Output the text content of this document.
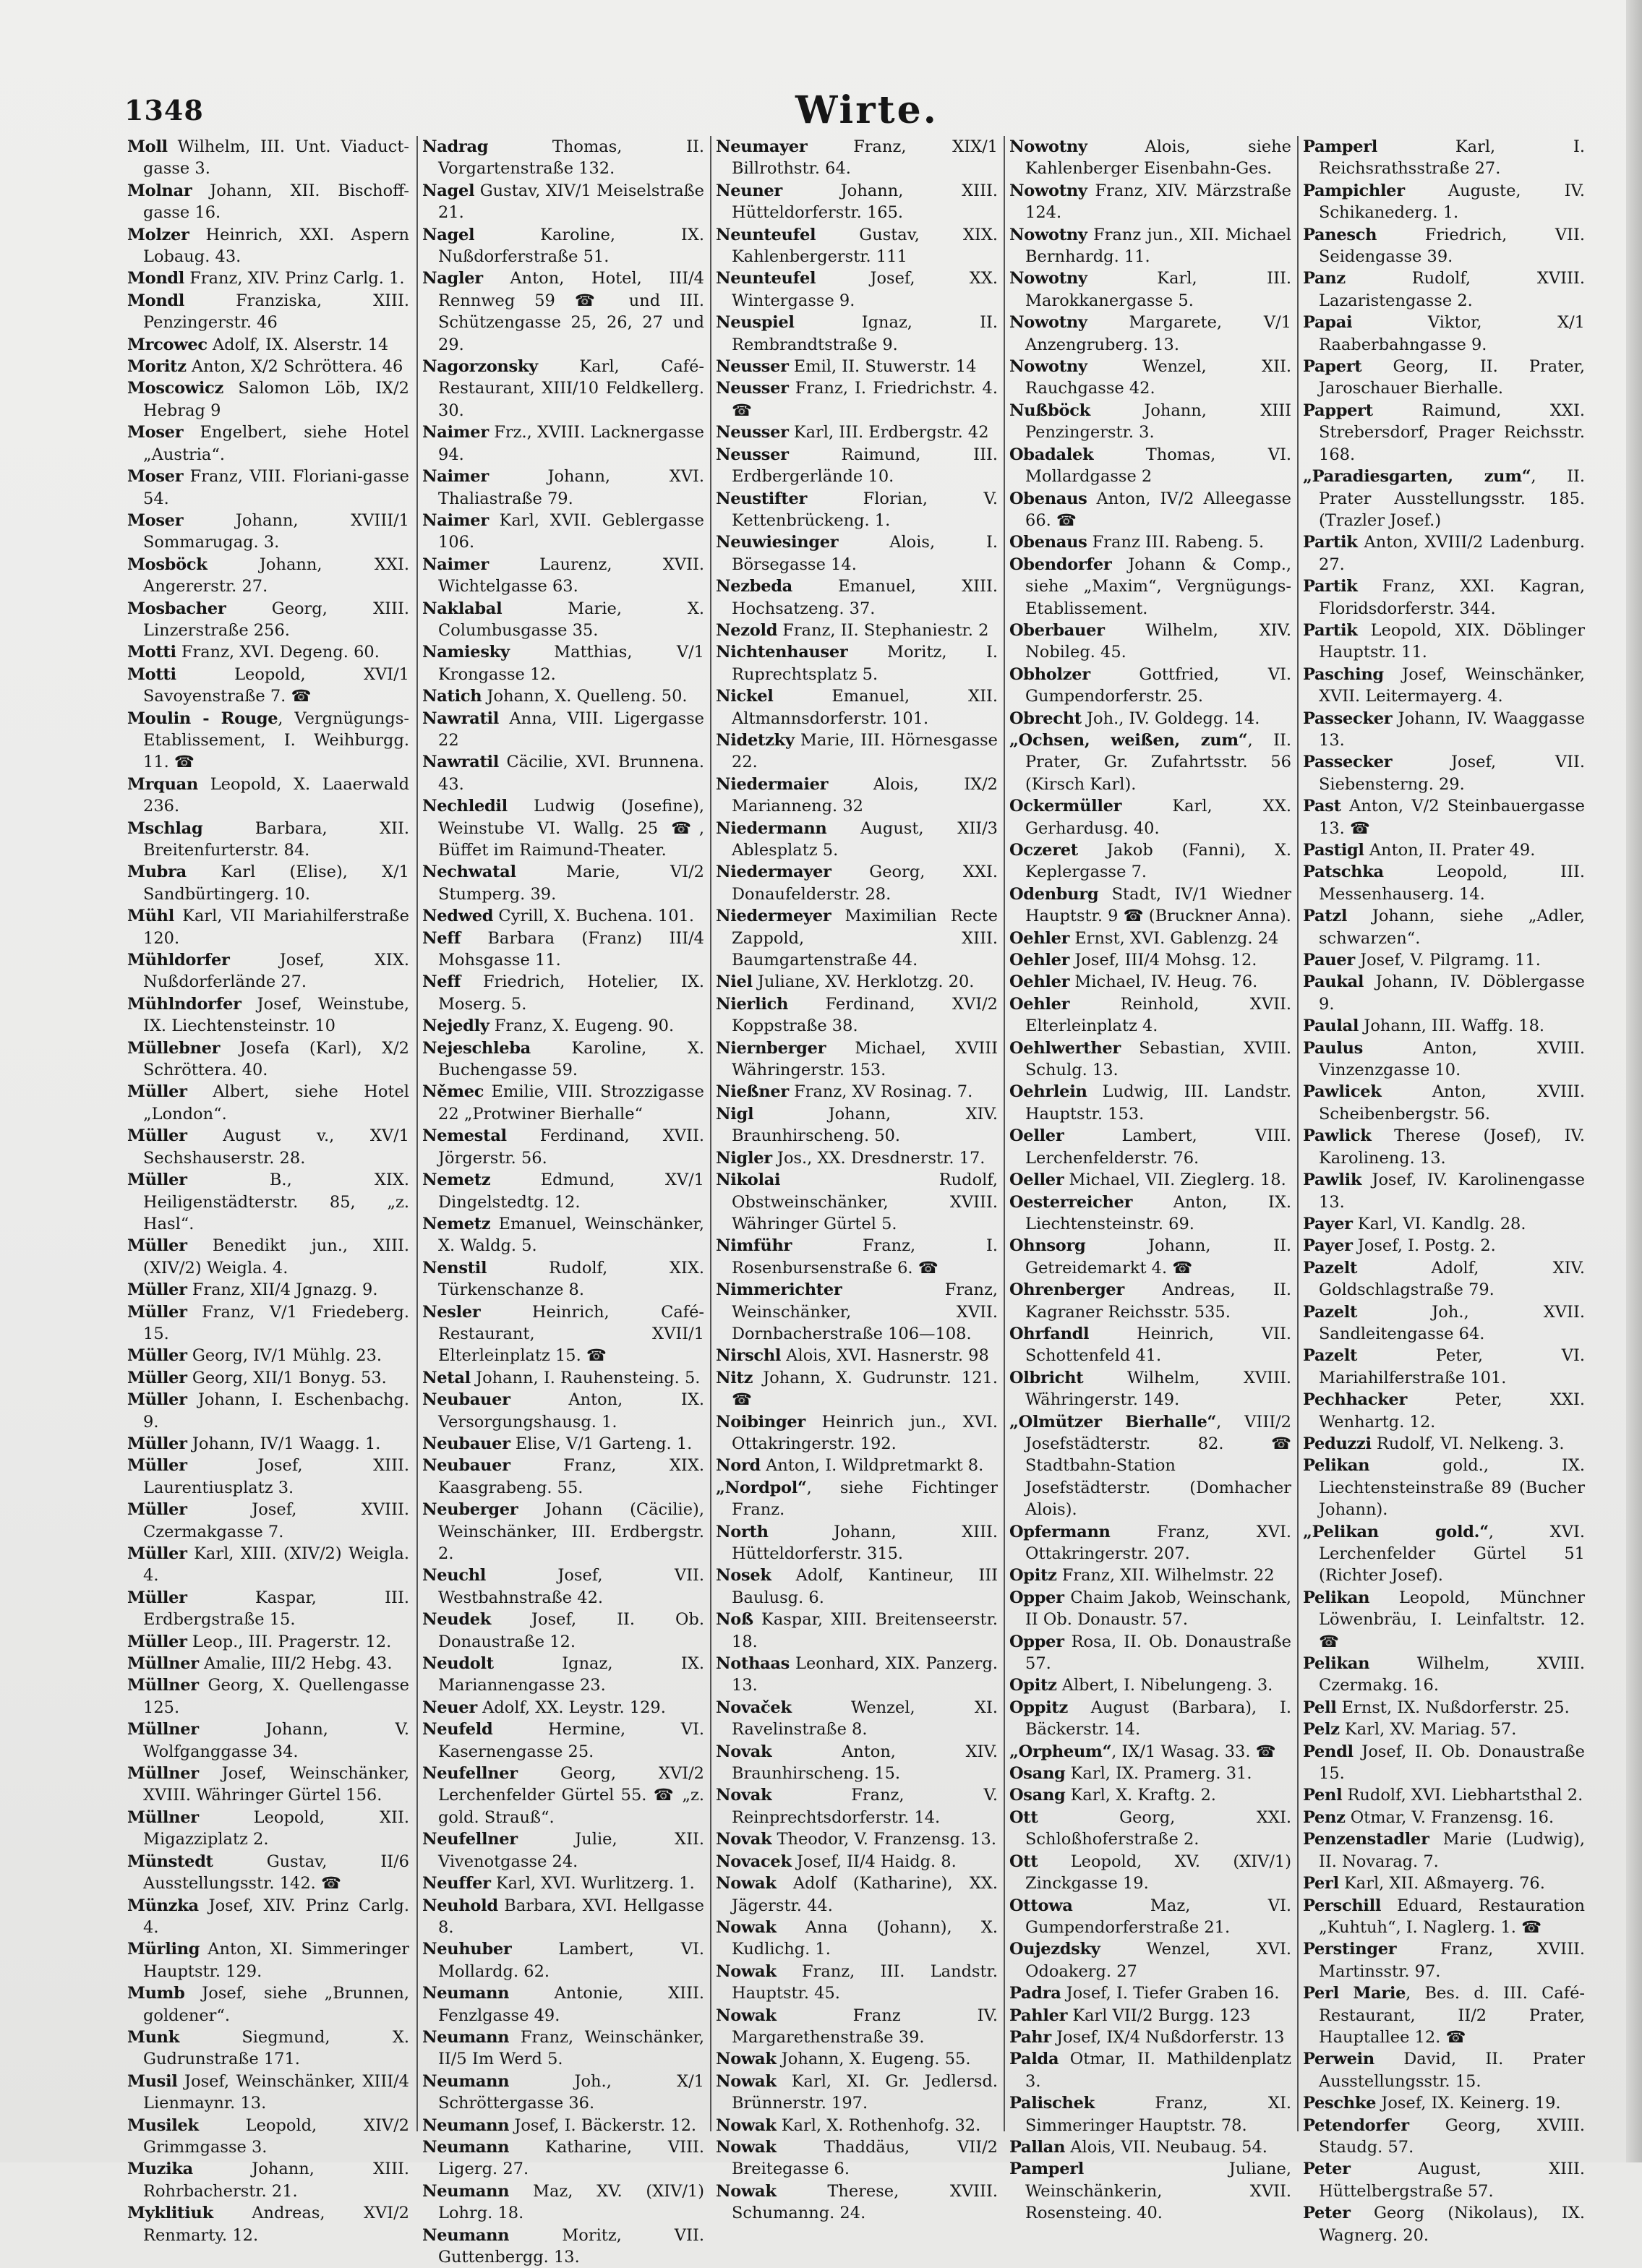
1348	Wirte.
Moll Wilhelm, III. Unt. Viaduct-gasse 3.
Molnar Johann, XII. Bischoff-gasse 16.
Molzer Heinrich, XXI. Aspern Lobaug. 43.
Mondl Franz, XIV. Prinz Carlg. 1.
Mondl Franziska, XIII. Penzingerstr. 46
Mrcowec Adolf, IX. Alserstr. 14
Moritz Anton, X/2 Schröttera. 46
Moscowicz Salomon Löb, IX/2 Hebrag 9
Moser Engelbert, siehe Hotel „Austria“.
Moser Franz, VIII. Floriani-gasse 54.
Moser Johann, XVIII/1 Sommarugag. 3.
Mosböck Johann, XXI. Angererstr. 27.
Mosbacher Georg, XIII. Linzerstraße 256.
Motti Franz, XVI. Degeng. 60.
Motti Leopold, XVI/1 Savoyenstraße 7. ☎
Moulin - Rouge, Vergnügungs-Etablissement, I. Weihburgg. 11. ☎
Mrquan Leopold, X. Laaerwald 236.
Mschlag Barbara, XII. Breitenfurterstr. 84.
Mubra Karl (Elise), X/1 Sandbürtingerg. 10.
Mühl Karl, VII Mariahilferstraße 120.
Mühldorfer Josef, XIX. Nußdorferlände 27.
Mühlndorfer Josef, Weinstube, IX. Liechtensteinstr. 10
Müllebner Josefa (Karl), X/2 Schröttera. 40.
Müller Albert, siehe Hotel „London“.
Müller August v., XV/1 Sechshauserstr. 28.
Müller B., XIX. Heiligenstädterstr. 85, „z. Hasl“.
Müller Benedikt jun., XIII. (XIV/2) Weigla. 4.
Müller Franz, XII/4 Jgnazg. 9.
Müller Franz, V/1 Friedeberg. 15.
Müller Georg, IV/1 Mühlg. 23.
Müller Georg, XII/1 Bonyg. 53.
Müller Johann, I. Eschenbachg. 9.
Müller Johann, IV/1 Waagg. 1.
Müller Josef, XIII. Laurentiusplatz 3.
Müller Josef, XVIII. Czermakgasse 7.
Müller Karl, XIII. (XIV/2) Weigla. 4.
Müller Kaspar, III. Erdbergstraße 15.
Müller Leop., III. Pragerstr. 12.
Müllner Amalie, III/2 Hebg. 43.
Müllner Georg, X. Quellengasse 125.
Müllner Johann, V. Wolfganggasse 34.
Müllner Josef, Weinschänker, XVIII. Währinger Gürtel 156.
Müllner Leopold, XII. Migazziplatz 2.
Münstedt Gustav, II/6 Ausstellungsstr. 142. ☎
Münzka Josef, XIV. Prinz Carlg. 4.
Mürling Anton, XI. Simmeringer Hauptstr. 129.
Mumb Josef, siehe „Brunnen, goldener“.
Munk Siegmund, X. Gudrunstraße 171.
Musil Josef, Weinschänker, XIII/4 Lienmaynr. 13.
Musilek Leopold, XIV/2 Grimmgasse 3.
Muzika Johann, XIII. Rohrbacherstr. 21.
Myklitiuk Andreas, XVI/2 Renmarty. 12.
Nadrag Thomas, II. Vorgartenstraße 132.
Nagel Gustav, XIV/1 Meiselstraße 21.
Nagel Karoline, IX. Nußdorferstraße 51.
Nagler Anton, Hotel, III/4 Rennweg 59 ☎ und III. Schützengasse 25, 26, 27 und 29.
Nagorzonsky Karl, Café-Restaurant, XIII/10 Feldkellerg. 30.
Naimer Frz., XVIII. Lacknergasse 94.
Naimer Johann, XVI. Thaliastraße 79.
Naimer Karl, XVII. Geblergasse 106.
Naimer Laurenz, XVII. Wichtelgasse 63.
Naklabal Marie, X. Columbusgasse 35.
Namiesky Matthias, V/1 Krongasse 12.
Natich Johann, X. Quelleng. 50.
Nawratil Anna, VIII. Ligergasse 22
Nawratil Cäcilie, XVI. Brunnena. 43.
Nechledil Ludwig (Josefine), Weinstube VI. Wallg. 25 ☎, Büffet im Raimund-Theater.
Nechwatal Marie, VI/2 Stumperg. 39.
Nedwed Cyrill, X. Buchena. 101.
Neff Barbara (Franz) III/4 Mohsgasse 11.
Neff Friedrich, Hotelier, IX. Moserg. 5.
Nejedly Franz, X. Eugeng. 90.
Nejeschleba Karoline, X. Buchengasse 59.
Němec Emilie, VIII. Strozzigasse 22 „Protwiner Bierhalle“
Nemestal Ferdinand, XVII. Jörgerstr. 56.
Nemetz Edmund, XV/1 Dingelstedtg. 12.
Nemetz Emanuel, Weinschänker, X. Waldg. 5.
Nenstil Rudolf, XIX. Türkenschanze 8.
Nesler Heinrich, Café-Restaurant, XVII/1 Elterleinplatz 15. ☎
Netal Johann, I. Rauhensteing. 5.
Neubauer Anton, IX. Versorgungshausg. 1.
Neubauer Elise, V/1 Garteng. 1.
Neubauer Franz, XIX. Kaasgrabeng. 55.
Neuberger Johann (Cäcilie), Weinschänker, III. Erdbergstr. 2.
Neuchl Josef, VII. Westbahnstraße 42.
Neudek Josef, II. Ob. Donaustraße 12.
Neudolt Ignaz, IX. Mariannengasse 23.
Neuer Adolf, XX. Leystr. 129.
Neufeld Hermine, VI. Kasernengasse 25.
Neufellner Georg, XVI/2 Lerchenfelder Gürtel 55. ☎ „z. gold. Strauß“.
Neufellner Julie, XII. Vivenotgasse 24.
Neuffer Karl, XVI. Wurlitzerg. 1.
Neuhold Barbara, XVI. Hellgasse 8.
Neuhuber Lambert, VI. Mollardg. 62.
Neumann Antonie, XIII. Fenzlgasse 49.
Neumann Franz, Weinschänker, II/5 Im Werd 5.
Neumann Joh., X/1 Schröttergasse 36.
Neumann Josef, I. Bäckerstr. 12.
Neumann Katharine, VIII. Ligerg. 27.
Neumann Maz, XV. (XIV/1) Lohrg. 18.
Neumann Moritz, VII. Guttenbergg. 13.
Neumayer Franz, XIX/1 Billrothstr. 64.
Neuner Johann, XIII. Hütteldorferstr. 165.
Neunteufel Gustav, XIX. Kahlenbergerstr. 111
Neunteufel Josef, XX. Wintergasse 9.
Neuspiel Ignaz, II. Rembrandtstraße 9.
Neusser Emil, II. Stuwerstr. 14
Neusser Franz, I. Friedrichstr. 4. ☎
Neusser Karl, III. Erdbergstr. 42
Neusser Raimund, III. Erdbergerlände 10.
Neustifter Florian, V. Kettenbrückeng. 1.
Neuwiesinger Alois, I. Börsegasse 14.
Nezbeda Emanuel, XIII. Hochsatzeng. 37.
Nezold Franz, II. Stephaniestr. 2
Nichtenhauser Moritz, I. Ruprechtsplatz 5.
Nickel Emanuel, XII. Altmannsdorferstr. 101.
Nidetzky Marie, III. Hörnesgasse 22.
Niedermaier Alois, IX/2 Marianneng. 32
Niedermann August, XII/3 Ablesplatz 5.
Niedermayer Georg, XXI. Donaufelderstr. 28.
Niedermeyer Maximilian Recte Zappold, XIII. Baumgartenstraße 44.
Niel Juliane, XV. Herklotzg. 20.
Nierlich Ferdinand, XVI/2 Koppstraße 38.
Niernberger Michael, XVIII Währingerstr. 153.
Nießner Franz, XV Rosinag. 7.
Nigl Johann, XIV. Braunhirscheng. 50.
Nigler Jos., XX. Dresdnerstr. 17.
Nikolai Rudolf, Obstweinschänker, XVIII. Währinger Gürtel 5.
Nimführ Franz, I. Rosenbursenstraße 6. ☎
Nimmerichter Franz, Weinschänker, XVII. Dornbacherstraße 106—108.
Nirschl Alois, XVI. Hasnerstr. 98
Nitz Johann, X. Gudrunstr. 121. ☎
Noibinger Heinrich jun., XVI. Ottakringerstr. 192.
Nord Anton, I. Wildpretmarkt 8.
„Nordpol“, siehe Fichtinger Franz.
North Johann, XIII. Hütteldorferstr. 315.
Nosek Adolf, Kantineur, III Baulusg. 6.
Noß Kaspar, XIII. Breitenseerstr. 18.
Nothaas Leonhard, XIX. Panzerg. 13.
Novaček Wenzel, XI. Ravelinstraße 8.
Novak Anton, XIV. Braunhirscheng. 15.
Novak Franz, V. Reinprechtsdorferstr. 14.
Novak Theodor, V. Franzensg. 13.
Novacek Josef, II/4 Haidg. 8.
Nowak Adolf (Katharine), XX. Jägerstr. 44.
Nowak Anna (Johann), X. Kudlichg. 1.
Nowak Franz, III. Landstr. Hauptstr. 45.
Nowak Franz IV. Margarethenstraße 39.
Nowak Johann, X. Eugeng. 55.
Nowak Karl, XI. Gr. Jedlersd. Brünnerstr. 197.
Nowak Karl, X. Rothenhofg. 32.
Nowak Thaddäus, VII/2 Breitegasse 6.
Nowak Therese, XVIII. Schumanng. 24.
Nowotny Alois, siehe Kahlenberger Eisenbahn-Ges.
Nowotny Franz, XIV. Märzstraße 124.
Nowotny Franz jun., XII. Michael Bernhardg. 11.
Nowotny Karl, III. Marokkanergasse 5.
Nowotny Margarete, V/1 Anzengruberg. 13.
Nowotny Wenzel, XII. Rauchgasse 42.
Nußböck Johann, XIII Penzingerstr. 3.
Obadalek Thomas, VI. Mollardgasse 2
Obenaus Anton, IV/2 Alleegasse 66. ☎
Obenaus Franz III. Rabeng. 5.
Obendorfer Johann & Comp., siehe „Maxim“, Vergnügungs-Etablissement.
Oberbauer Wilhelm, XIV. Nobileg. 45.
Obholzer Gottfried, VI. Gumpendorferstr. 25.
Obrecht Joh., IV. Goldegg. 14.
„Ochsen, weißen, zum“, II. Prater, Gr. Zufahrtsstr. 56 (Kirsch Karl).
Ockermüller Karl, XX. Gerhardusg. 40.
Oczeret Jakob (Fanni), X. Keplergasse 7.
Odenburg Stadt, IV/1 Wiedner Hauptstr. 9 ☎ (Bruckner Anna).
Oehler Ernst, XVI. Gablenzg. 24
Oehler Josef, III/4 Mohsg. 12.
Oehler Michael, IV. Heug. 76.
Oehler Reinhold, XVII. Elterleinplatz 4.
Oehlwerther Sebastian, XVIII. Schulg. 13.
Oehrlein Ludwig, III. Landstr. Hauptstr. 153.
Oeller Lambert, VIII. Lerchenfelderstr. 76.
Oeller Michael, VII. Zieglerg. 18.
Oesterreicher Anton, IX. Liechtensteinstr. 69.
Ohnsorg Johann, II. Getreidemarkt 4. ☎
Ohrenberger Andreas, II. Kagraner Reichsstr. 535.
Ohrfandl Heinrich, VII. Schottenfeld 41.
Olbricht Wilhelm, XVIII. Währingerstr. 149.
„Olmützer Bierhalle“, VIII/2 Josefstädterstr. 82. ☎ Stadtbahn-Station Josefstädterstr. (Domhacher Alois).
Opfermann Franz, XVI. Ottakringerstr. 207.
Opitz Franz, XII. Wilhelmstr. 22
Opper Chaim Jakob, Weinschank, II Ob. Donaustr. 57.
Opper Rosa, II. Ob. Donaustraße 57.
Opitz Albert, I. Nibelungeng. 3.
Oppitz August (Barbara), I. Bäckerstr. 14.
„Orpheum“, IX/1 Wasag. 33. ☎
Osang Karl, IX. Pramerg. 31.
Osang Karl, X. Kraftg. 2.
Ott Georg, XXI. Schloßhoferstraße 2.
Ott Leopold, XV. (XIV/1) Zinckgasse 19.
Ottowa Maz, VI. Gumpendorferstraße 21.
Oujezdsky Wenzel, XVI. Odoakerg. 27
Padra Josef, I. Tiefer Graben 16.
Pahler Karl VII/2 Burgg. 123
Pahr Josef, IX/4 Nußdorferstr. 13
Palda Otmar, II. Mathildenplatz 3.
Palischek Franz, XI. Simmeringer Hauptstr. 78.
Pallan Alois, VII. Neubaug. 54.
Pamperl Juliane, Weinschänkerin, XVII. Rosensteing. 40.
Pamperl Karl, I. Reichsrathsstraße 27.
Pampichler Auguste, IV. Schikanederg. 1.
Panesch Friedrich, VII. Seidengasse 39.
Panz Rudolf, XVIII. Lazaristengasse 2.
Papai Viktor, X/1 Raaberbahngasse 9.
Papert Georg, II. Prater, Jaroschauer Bierhalle.
Pappert Raimund, XXI. Strebersdorf, Prager Reichsstr. 168.
„Paradiesgarten, zum“, II. Prater Ausstellungsstr. 185. (Trazler Josef.)
Partik Anton, XVIII/2 Ladenburg. 27.
Partik Franz, XXI. Kagran, Floridsdorferstr. 344.
Partik Leopold, XIX. Döblinger Hauptstr. 11.
Pasching Josef, Weinschänker, XVII. Leitermayerg. 4.
Passecker Johann, IV. Waaggasse 13.
Passecker Josef, VII. Siebensterng. 29.
Past Anton, V/2 Steinbauergasse 13. ☎
Pastigl Anton, II. Prater 49.
Patschka Leopold, III. Messenhauserg. 14.
Patzl Johann, siehe „Adler, schwarzen“.
Pauer Josef, V. Pilgramg. 11.
Paukal Johann, IV. Döblergasse 9.
Paulal Johann, III. Waffg. 18.
Paulus Anton, XVIII. Vinzenzgasse 10.
Pawlicek Anton, XVIII. Scheibenbergstr. 56.
Pawlick Therese (Josef), IV. Karolineng. 13.
Pawlik Josef, IV. Karolinengasse 13.
Payer Karl, VI. Kandlg. 28.
Payer Josef, I. Postg. 2.
Pazelt Adolf, XIV. Goldschlagstraße 79.
Pazelt Joh., XVII. Sandleitengasse 64.
Pazelt Peter, VI. Mariahilferstraße 101.
Pechhacker Peter, XXI. Wenhartg. 12.
Peduzzi Rudolf, VI. Nelkeng. 3.
Pelikan gold., IX. Liechtensteinstraße 89 (Bucher Johann).
„Pelikan gold.“, XVI. Lerchenfelder Gürtel 51 (Richter Josef).
Pelikan Leopold, Münchner Löwenbräu, I. Leinfaltstr. 12. ☎
Pelikan Wilhelm, XVIII. Czermakg. 16.
Pell Ernst, IX. Nußdorferstr. 25.
Pelz Karl, XV. Mariag. 57.
Pendl Josef, II. Ob. Donaustraße 15.
Penl Rudolf, XVI. Liebhartsthal 2.
Penz Otmar, V. Franzensg. 16.
Penzenstadler Marie (Ludwig), II. Novarag. 7.
Perl Karl, XII. Aßmayerg. 76.
Perschill Eduard, Restauration „Kuhtuh“, I. Naglerg. 1. ☎
Perstinger Franz, XVIII. Martinsstr. 97.
Perl Marie, Bes. d. III. Café-Restaurant, II/2 Prater, Hauptallee 12. ☎
Perwein David, II. Prater Ausstellungsstr. 15.
Peschke Josef, IX. Keinerg. 19.
Petendorfer Georg, XVIII. Staudg. 57.
Peter August, XIII. Hüttelbergstraße 57.
Peter Georg (Nikolaus), IX. Wagnerg. 20.
